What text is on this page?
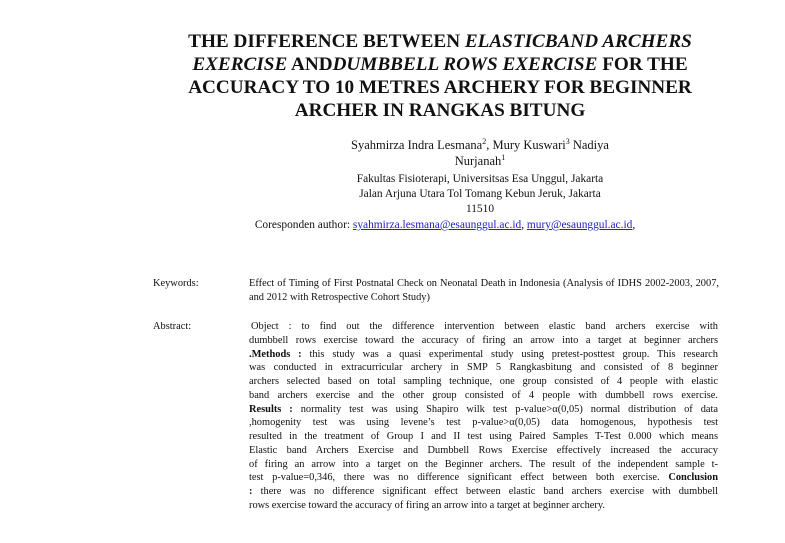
THE DIFFERENCE BETWEEN ELASTICBAND ARCHERS
EXERCISE ANDDUMBBELL ROWS EXERCISE FOR THE
ACCURACY TO 10 METRES ARCHERY FOR BEGINNER
ARCHER IN RANGKAS BITUNG
Syahmirza Indra Lesmana$^2$, Mury Kuswari$^3$ Nadiya
Nurjanah$^1$
Fakultas Fisioterapi, Universitsas Esa Unggul, Jakarta
Jalan Arjuna Utara Tol Tomang Kebun Jeruk, Jakarta
11510
Coresponden author: syahmirza.lesmana@esaunggul.ac.id, mury@esaunggul.ac.id,
Keywords:	Effect of Timing of First Postnatal Check on Neonatal Death in Indonesia (Analysis of IDHS 2002-2003, 2007, and 2012 with Retrospective Cohort Study)
Abstract:	Object : to find out the difference intervention between elastic band archers exercise with
dumbbell rows exercise toward the accuracy of firing an arrow into a target at beginner archers
.Methods : this study was a quasi experimental study using pretest-posttest group. This research
was conducted in extracurricular archery in SMP 5 Rangkasbitung and consisted of 8 beginner
archers selected based on total sampling technique, one group consisted of 4 people with elastic
band archers exercise and the other group consisted of 4 people with dumbbell rows exercise.
Results : normality test was using Shapiro wilk test p-value>α(0,05) normal distribution of data
,homogenity test was using levene’s test p-value>α(0,05) data homogenous, hypothesis test
resulted in the treatment of Group I and II test using Paired Samples T-Test 0.000 which means
Elastic band Archers Exercise and Dumbbell Rows Exercise effectively increased the accuracy
of firing an arrow into a target on the Beginner archers. The result of the independent sample t-
test p-value=0,346, there was no difference significant effect between both exercise. Conclusion
: there was no difference significant effect between elastic band archers exercise with dumbbell
rows exercise toward the accuracy of firing an arrow into a target at beginner archery.
